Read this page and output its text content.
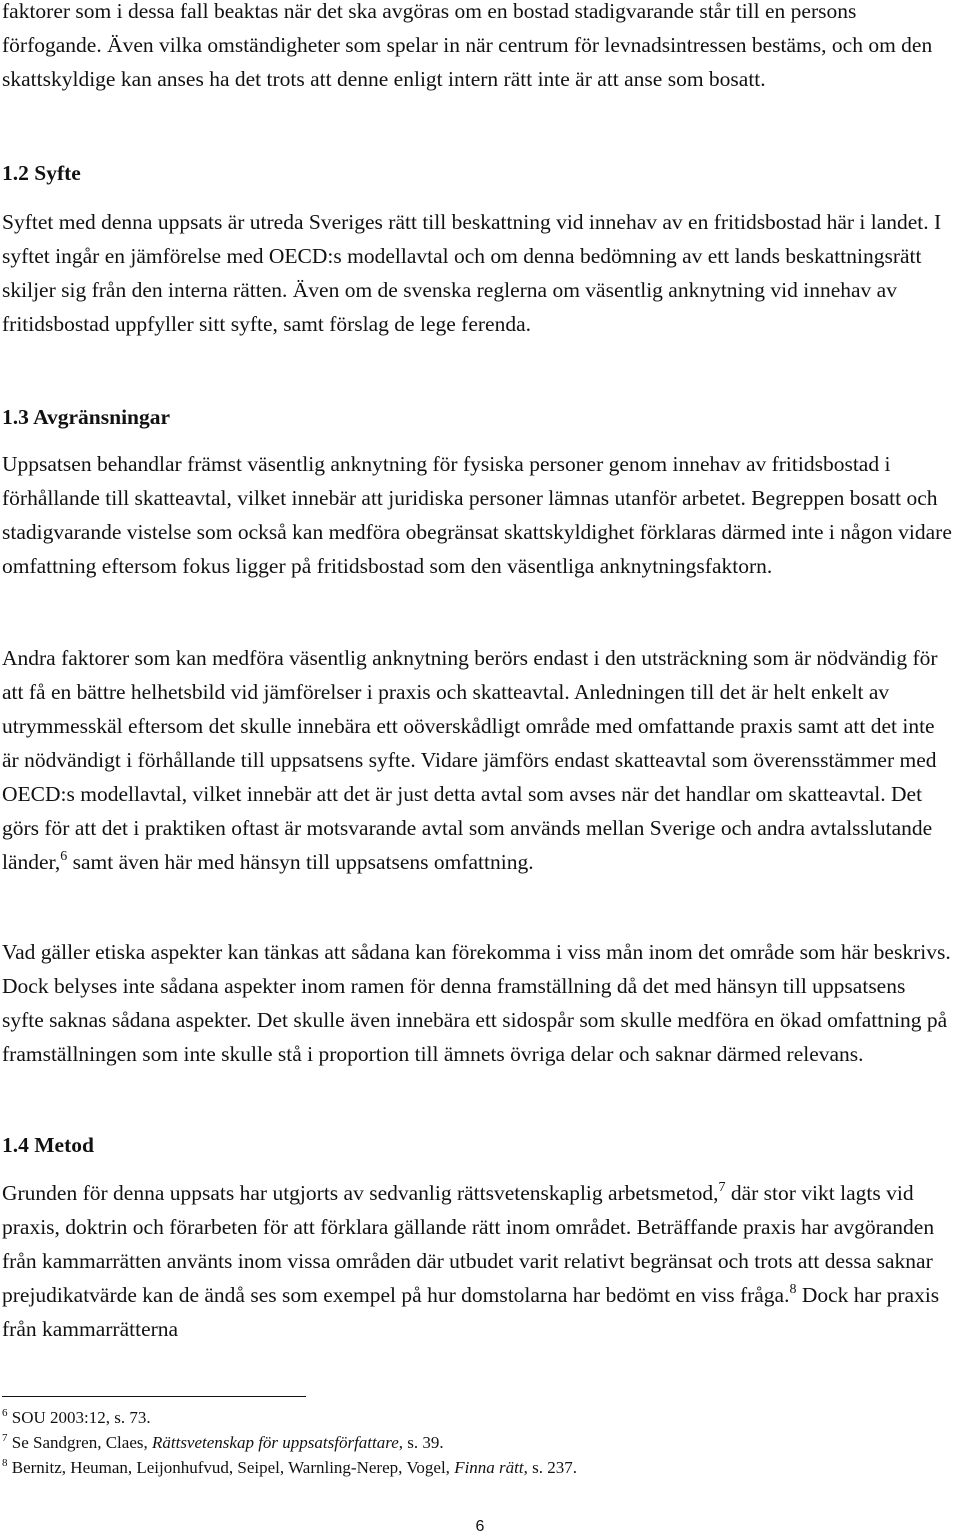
faktorer som i dessa fall beaktas när det ska avgöras om en bostad stadigvarande står till en persons förfogande. Även vilka omständigheter som spelar in när centrum för levnadsintressen bestäms, och om den skattskyldige kan anses ha det trots att denne enligt intern rätt inte är att anse som bosatt.

1.2 Syfte

Syftet med denna uppsats är utreda Sveriges rätt till beskattning vid innehav av en fritidsbostad här i landet. I syftet ingår en jämförelse med OECD:s modellavtal och om denna bedömning av ett lands beskattningsrätt skiljer sig från den interna rätten. Även om de svenska reglerna om väsentlig anknytning vid innehav av fritidsbostad uppfyller sitt syfte, samt förslag de lege ferenda.

1.3 Avgränsningar

Uppsatsen behandlar främst väsentlig anknytning för fysiska personer genom innehav av fritidsbostad i förhållande till skatteavtal, vilket innebär att juridiska personer lämnas utanför arbetet. Begreppen bosatt och stadigvarande vistelse som också kan medföra obegränsat skattskyldighet förklaras därmed inte i någon vidare omfattning eftersom fokus ligger på fritidsbostad som den väsentliga anknytningsfaktorn.

Andra faktorer som kan medföra väsentlig anknytning berörs endast i den utsträckning som är nödvändig för att få en bättre helhetsbild vid jämförelser i praxis och skatteavtal. Anledningen till det är helt enkelt av utrymmesskäl eftersom det skulle innebära ett oöverskådligt område med omfattande praxis samt att det inte är nödvändigt i förhållande till uppsatsens syfte. Vidare jämförs endast skatteavtal som överensstämmer med OECD:s modellavtal, vilket innebär att det är just detta avtal som avses när det handlar om skatteavtal. Det görs för att det i praktiken oftast är motsvarande avtal som används mellan Sverige och andra avtalsslutande länder,$^6$ samt även här med hänsyn till uppsatsens omfattning.

Vad gäller etiska aspekter kan tänkas att sådana kan förekomma i viss mån inom det område som här beskrivs. Dock belyses inte sådana aspekter inom ramen för denna framställning då det med hänsyn till uppsatsens syfte saknas sådana aspekter. Det skulle även innebära ett sidospår som skulle medföra en ökad omfattning på framställningen som inte skulle stå i proportion till ämnets övriga delar och saknar därmed relevans.

1.4 Metod

Grunden för denna uppsats har utgjorts av sedvanlig rättsvetenskaplig arbetsmetod,$^7$ där stor vikt lagts vid praxis, doktrin och förarbeten för att förklara gällande rätt inom området. Beträffande praxis har avgöranden från kammarrätten använts inom vissa områden där utbudet varit relativt begränsat och trots att dessa saknar prejudikatvärde kan de ändå ses som exempel på hur domstolarna har bedömt en viss fråga.$^8$ Dock har praxis från kammarrätterna

$^6$ SOU 2003:12, s. 73.
$^7$ Se Sandgren, Claes, Rättsvetenskap för uppsatsförfattare, s. 39.
$^8$ Bernitz, Heuman, Leijonhufvud, Seipel, Warnling-Nerep, Vogel, Finna rätt, s. 237.
6
